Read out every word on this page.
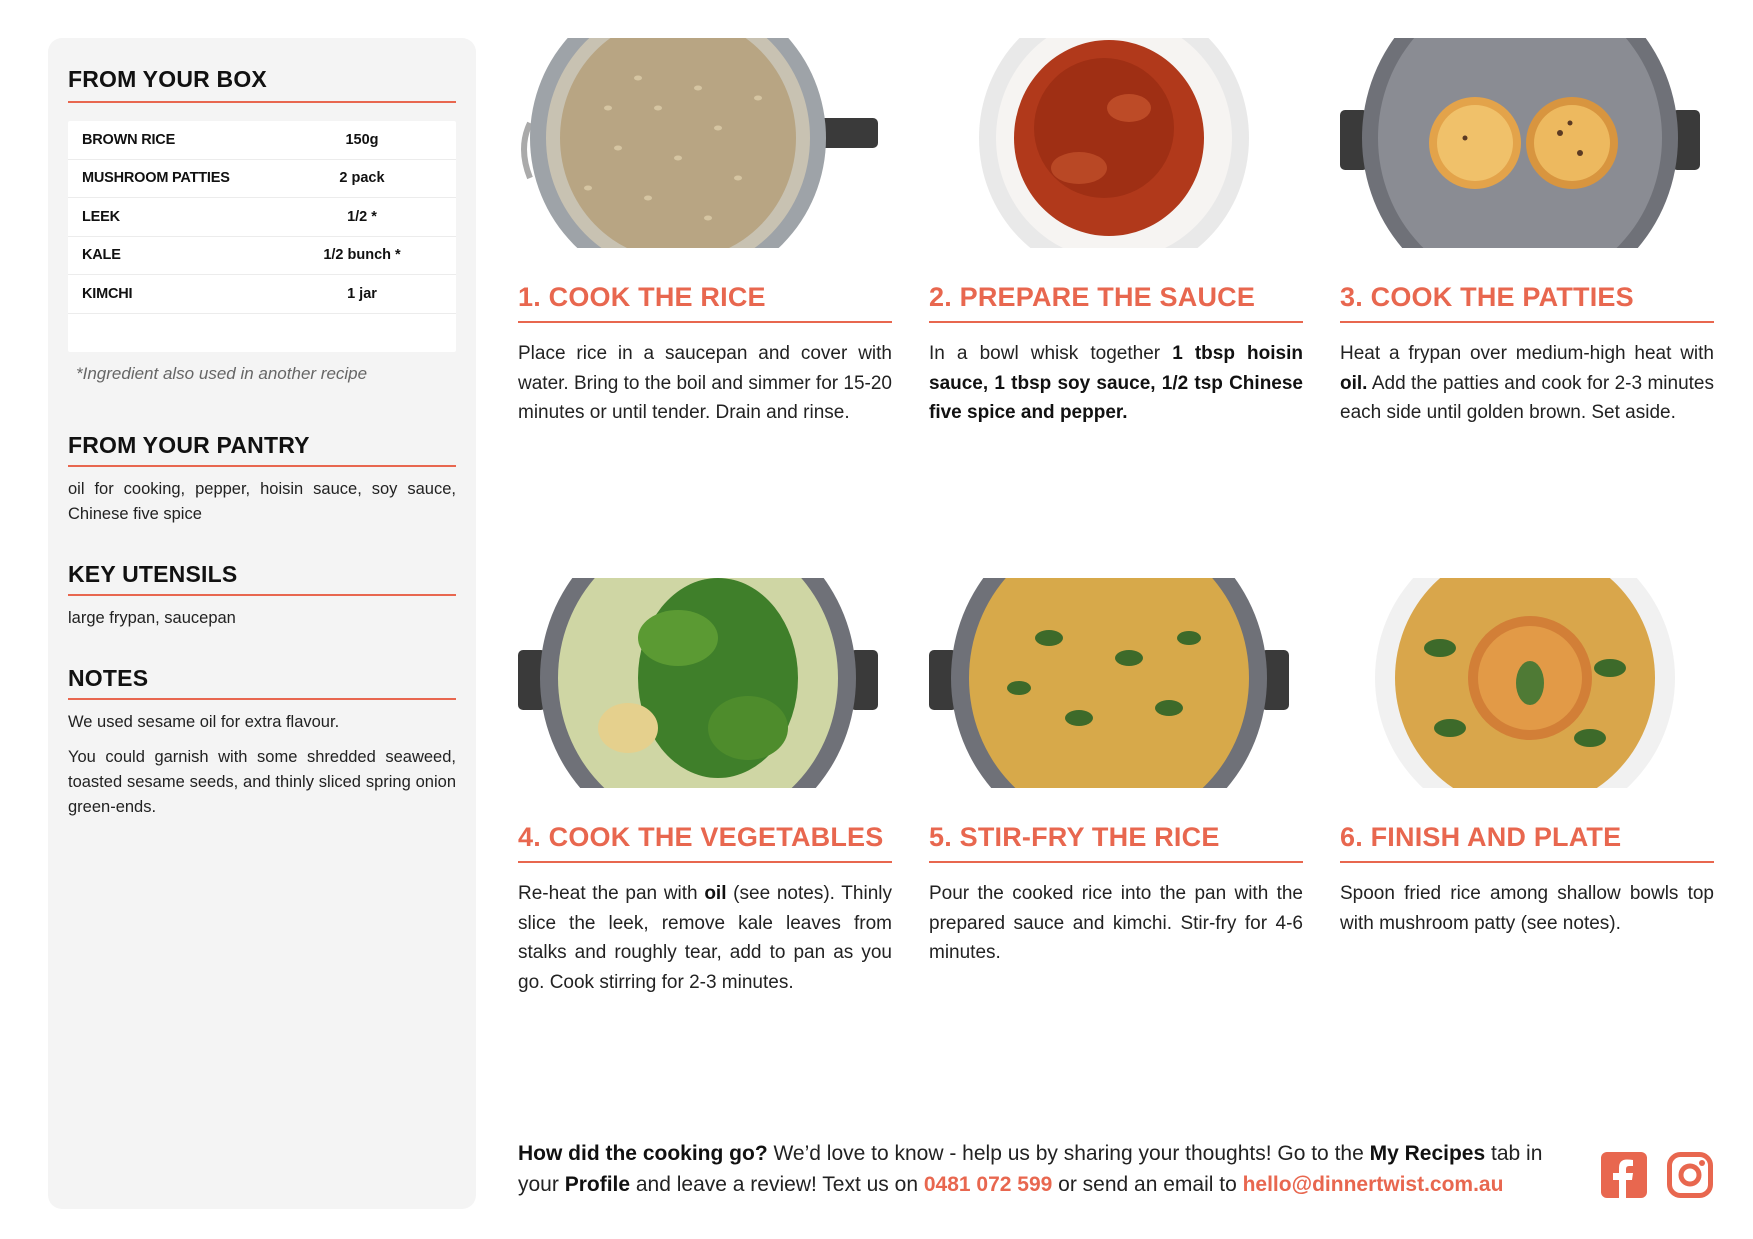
FROM YOUR BOX
BROWN RICE	150g
MUSHROOM PATTIES	2 pack
LEEK	1/2 *
KALE	1/2 bunch *
KIMCHI	1 jar
*Ingredient also used in another recipe
FROM YOUR PANTRY
oil for cooking, pepper, hoisin sauce, soy sauce, Chinese five spice
KEY UTENSILS
large frypan, saucepan
NOTES
We used sesame oil for extra flavour.
You could garnish with some shredded seaweed, toasted sesame seeds, and thinly sliced spring onion green-ends.
1. COOK THE RICE
Place rice in a saucepan and cover with water. Bring to the boil and simmer for 15-20 minutes or until tender. Drain and rinse.
2. PREPARE THE SAUCE
In a bowl whisk together 1 tbsp hoisin sauce, 1 tbsp soy sauce, 1/2 tsp Chinese five spice and pepper.
3. COOK THE PATTIES
Heat a frypan over medium-high heat with oil. Add the patties and cook for 2-3 minutes each side until golden brown. Set aside.
4. COOK THE VEGETABLES
Re-heat the pan with oil (see notes). Thinly slice the leek, remove kale leaves from stalks and roughly tear, add to pan as you go. Cook stirring for 2-3 minutes.
5. STIR-FRY THE RICE
Pour the cooked rice into the pan with the prepared sauce and kimchi. Stir-fry for 4-6 minutes.
6. FINISH AND PLATE
Spoon fried rice among shallow bowls top with mushroom patty (see notes).
How did the cooking go? We’d love to know - help us by sharing your thoughts! Go to the My Recipes tab in your Profile and leave a review! Text us on 0481 072 599 or send an email to hello@dinnertwist.com.au
